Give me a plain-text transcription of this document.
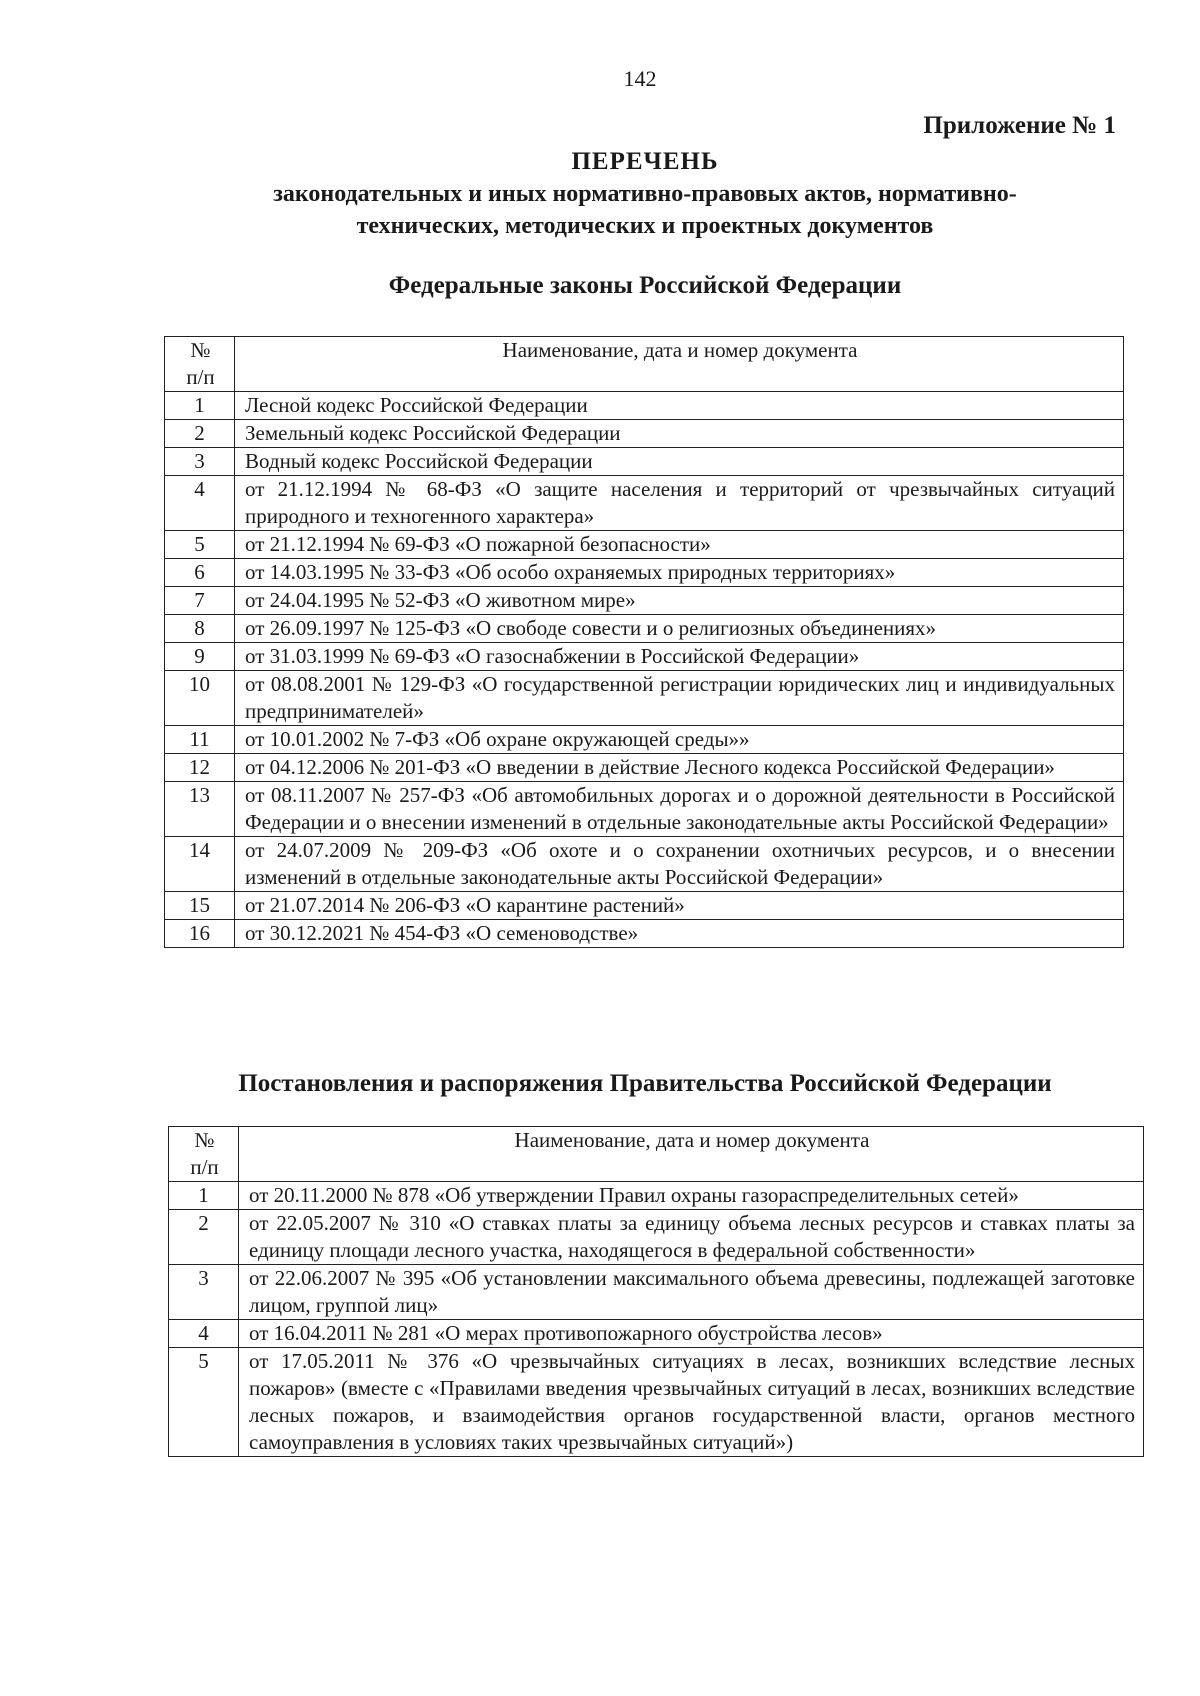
142
Приложение № 1
ПЕРЕЧЕНЬ
законодательных и иных нормативно-правовых актов, нормативно-
технических, методических и проектных документов
Федеральные законы Российской Федерации
№
п/п	Наименование, дата и номер документа
1	Лесной кодекс Российской Федерации
2	Земельный кодекс Российской Федерации
3	Водный кодекс Российской Федерации
4	от 21.12.1994 № 68-ФЗ «О защите населения и территорий от чрезвычайных ситуаций природного и техногенного характера»
5	от 21.12.1994 № 69-ФЗ «О пожарной безопасности»
6	от 14.03.1995 № 33-ФЗ «Об особо охраняемых природных территориях»
7	от 24.04.1995 № 52-ФЗ «О животном мире»
8	от 26.09.1997 № 125-ФЗ «О свободе совести и о религиозных объединениях»
9	от 31.03.1999 № 69-ФЗ «О газоснабжении в Российской Федерации»
10	от 08.08.2001 № 129-ФЗ «О государственной регистрации юридических лиц и индивидуальных предпринимателей»
11	от 10.01.2002 № 7-ФЗ «Об охране окружающей среды»»
12	от 04.12.2006 № 201-ФЗ «О введении в действие Лесного кодекса Российской Федерации»
13	от 08.11.2007 № 257-ФЗ «Об автомобильных дорогах и о дорожной деятельности в Российской Федерации и о внесении изменений в отдельные законодательные акты Российской Федерации»
14	от 24.07.2009 № 209-ФЗ «Об охоте и о сохранении охотничьих ресурсов, и о внесении изменений в отдельные законодательные акты Российской Федерации»
15	от 21.07.2014 № 206-ФЗ «О карантине растений»
16	от 30.12.2021 № 454-ФЗ «О семеноводстве»
Постановления и распоряжения Правительства Российской Федерации
№
п/п	Наименование, дата и номер документа
1	от 20.11.2000 № 878 «Об утверждении Правил охраны газораспределительных сетей»
2	от 22.05.2007 № 310 «О ставках платы за единицу объема лесных ресурсов и ставках платы за единицу площади лесного участка, находящегося в федеральной собственности»
3	от 22.06.2007 № 395 «Об установлении максимального объема древесины, подлежащей заготовке лицом, группой лиц»
4	от 16.04.2011 № 281 «О мерах противопожарного обустройства лесов»
5	от 17.05.2011 № 376 «О чрезвычайных ситуациях в лесах, возникших вследствие лесных пожаров» (вместе с «Правилами введения чрезвычайных ситуаций в лесах, возникших вследствие лесных пожаров, и взаимодействия органов государственной власти, органов местного самоуправления в условиях таких чрезвычайных ситуаций»)
